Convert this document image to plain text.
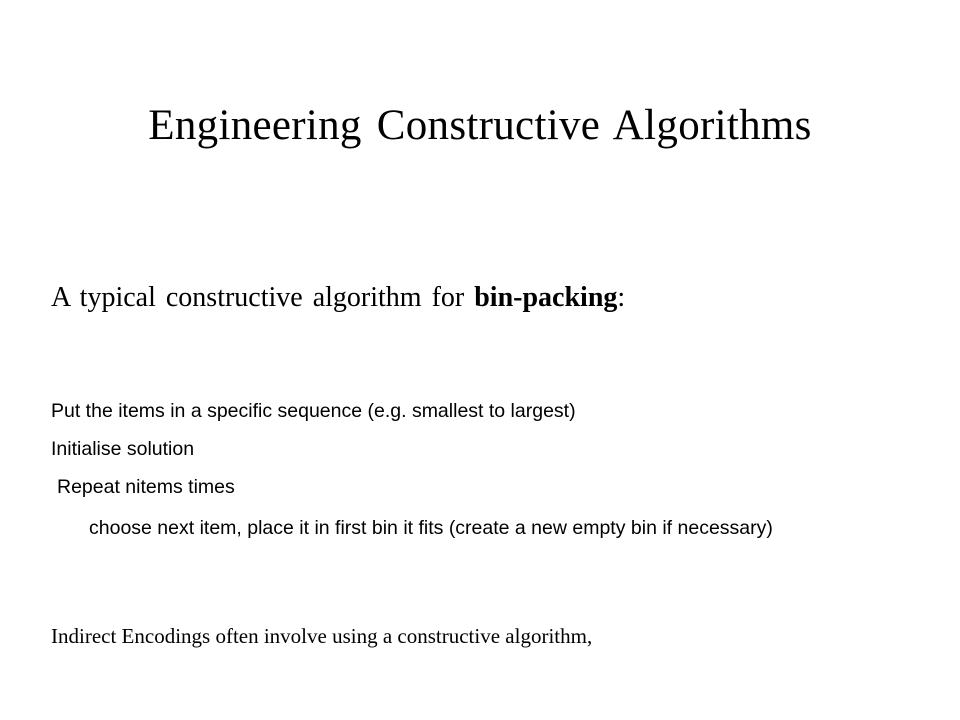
Engineering Constructive Algorithms
A typical constructive algorithm for bin-packing:
Put the items in a specific sequence (e.g. smallest to largest)
Initialise solution
Repeat nitems times
choose next item, place it in first bin it fits (create a new empty bin if necessary)
Indirect Encodings often involve using a constructive algorithm,
